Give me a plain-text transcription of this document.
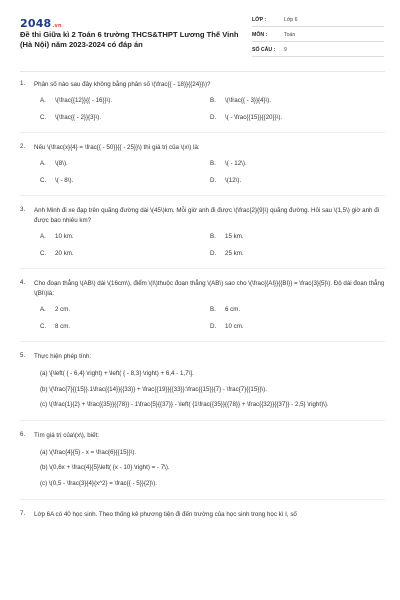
2048.vn
Đề thi Giữa kì 2 Toán 6 trường THCS&THPT Lương Thế Vinh (Hà Nội) năm 2023-2024 có đáp án
LỚP :	Lớp 6
MÔN :	Toán
SỐ CÂU : 9
1. Phân số nào sau đây không bằng phân số \(\frac{{ - 18}}{{24}}\)?
A. \(\frac{{12}}{{ - 16}}\).	B. \(\frac{{ - 3}}{4}\).
C. \(\frac{{ - 2}}{3}\).	D. \( - \frac{{15}}{{20}}\).
2. Nếu \(\frac{x}{4} = \frac{{ - 50}}{{ - 25}}\) thì giá trị của \(x\) là:
A. \(8\).	B. \( - 12\).
C. \( - 8\).	D. \(12\).
3. Anh Minh đi xe đạp trên quãng đường dài \(45\)km. Mỗi giờ anh đi được \(\frac{2}{9}\) quãng đường. Hỏi sau \(1,5\) giờ anh đi được bao nhiêu km?
A. 10 km.	B. 15 km.
C. 20 km.	D. 25 km.
4. Cho đoạn thẳng \(AB\) dài \(16cm\), điểm \(I\)thuộc đoạn thẳng \(AB\) sao cho \(\frac{{AI}}{{BI}} = \frac{3}{5}\). Độ dài đoạn thẳng \(BI\)là:
A. 2 cm.	B. 6 cm.
C. 8 cm.	D. 10 cm.
5. Thực hiện phép tính:
(a) \[\left( { - 6,4} \right) + \left( { - 8,3} \right) + 6,4 - 1,7\].
(b) \(\frac{7}{{15}}.1\frac{{14}}{{33}} + \frac{{19}}{{33}}:\frac{{15}}{7} - \frac{7}{{15}}\).
(c) \(\frac{1}{2} + \frac{{35}}{{78}} - 1\frac{5}{{37}} - \left( {1\frac{{35}}{{78}} + \frac{{32}}{{37}} - 2,5} \right)\).
6. Tìm giá trị của\(x\), biết:
(a) \(\frac{4}{5} - x = \frac{6}{{15}}\).
(b) \(0,6x + \frac{4}{5}\left( {x - 10} \right) = - 7\).
(c) \(0,5 - \frac{3}{4}{x^2} = \frac{{ - 5}}{2}\).
7. Lớp 6A có 40 học sinh. Theo thống kê phương tiện đi đến trường của học sinh trong học kì I, số
